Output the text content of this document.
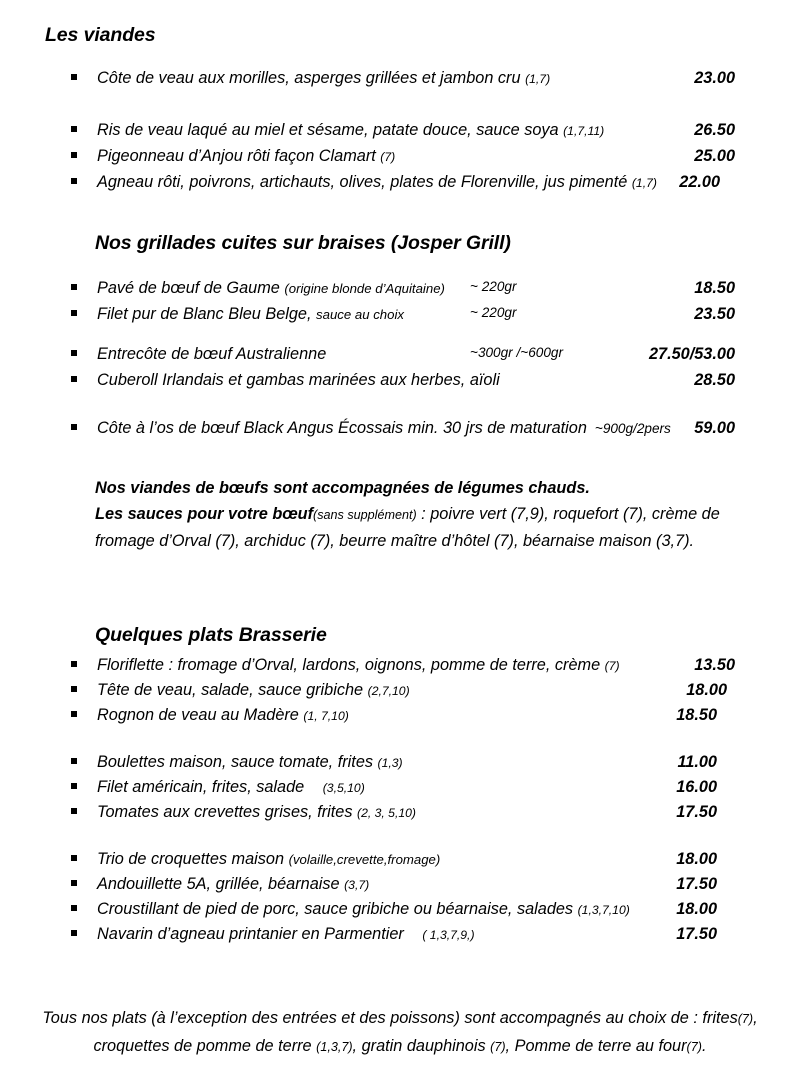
Les viandes
Côte de veau aux morilles, asperges grillées et jambon cru (1,7)	23.00
Ris de veau laqué au miel et sésame, patate douce, sauce soya (1,7,11)	26.50
Pigeonneau d’Anjou rôti façon Clamart (7)	25.00
Agneau rôti, poivrons, artichauts, olives, plates de Florenville, jus pimenté (1,7)	22.00
Nos grillades cuites sur braises (Josper Grill)
Pavé de bœuf de Gaume (origine blonde d’Aquitaine)	~ 220gr	18.50
Filet pur de Blanc Bleu Belge, sauce au choix	~ 220gr	23.50
Entrecôte de bœuf Australienne	~300gr /~600gr	27.50/53.00
Cuberoll Irlandais et gambas marinées aux herbes, aïoli	28.50
Côte à l’os de bœuf Black Angus Écossais min. 30 jrs de maturation ~900g/2pers 59.00
Nos viandes de bœufs sont accompagnées de légumes chauds.
Les sauces pour votre bœuf(sans supplément) : poivre vert (7,9), roquefort (7), crème de fromage d’Orval (7), archiduc (7), beurre maître d’hôtel (7), béarnaise maison (3,7).
Quelques plats Brasserie
Floriflette : fromage d’Orval, lardons, oignons, pomme de terre, crème (7)	13.50
Tête de veau, salade, sauce gribiche (2,7,10)	18.00
Rognon de veau au Madère (1, 7,10)	18.50
Boulettes maison, sauce tomate, frites (1,3)	11.00
Filet américain, frites, salade (3,5,10)	16.00
Tomates aux crevettes grises, frites (2, 3, 5,10)	17.50
Trio de croquettes maison (volaille,crevette,fromage)	18.00
Andouillette 5A, grillée, béarnaise (3,7)	17.50
Croustillant de pied de porc, sauce gribiche ou béarnaise, salades (1,3,7,10)	18.00
Navarin d’agneau printanier en Parmentier ( 1,3,7,9,)	17.50
Tous nos plats (à l’exception des entrées et des poissons) sont accompagnés au choix de : frites(7),
croquettes de pomme de terre (1,3,7), gratin dauphinois (7), Pomme de terre au four(7).
